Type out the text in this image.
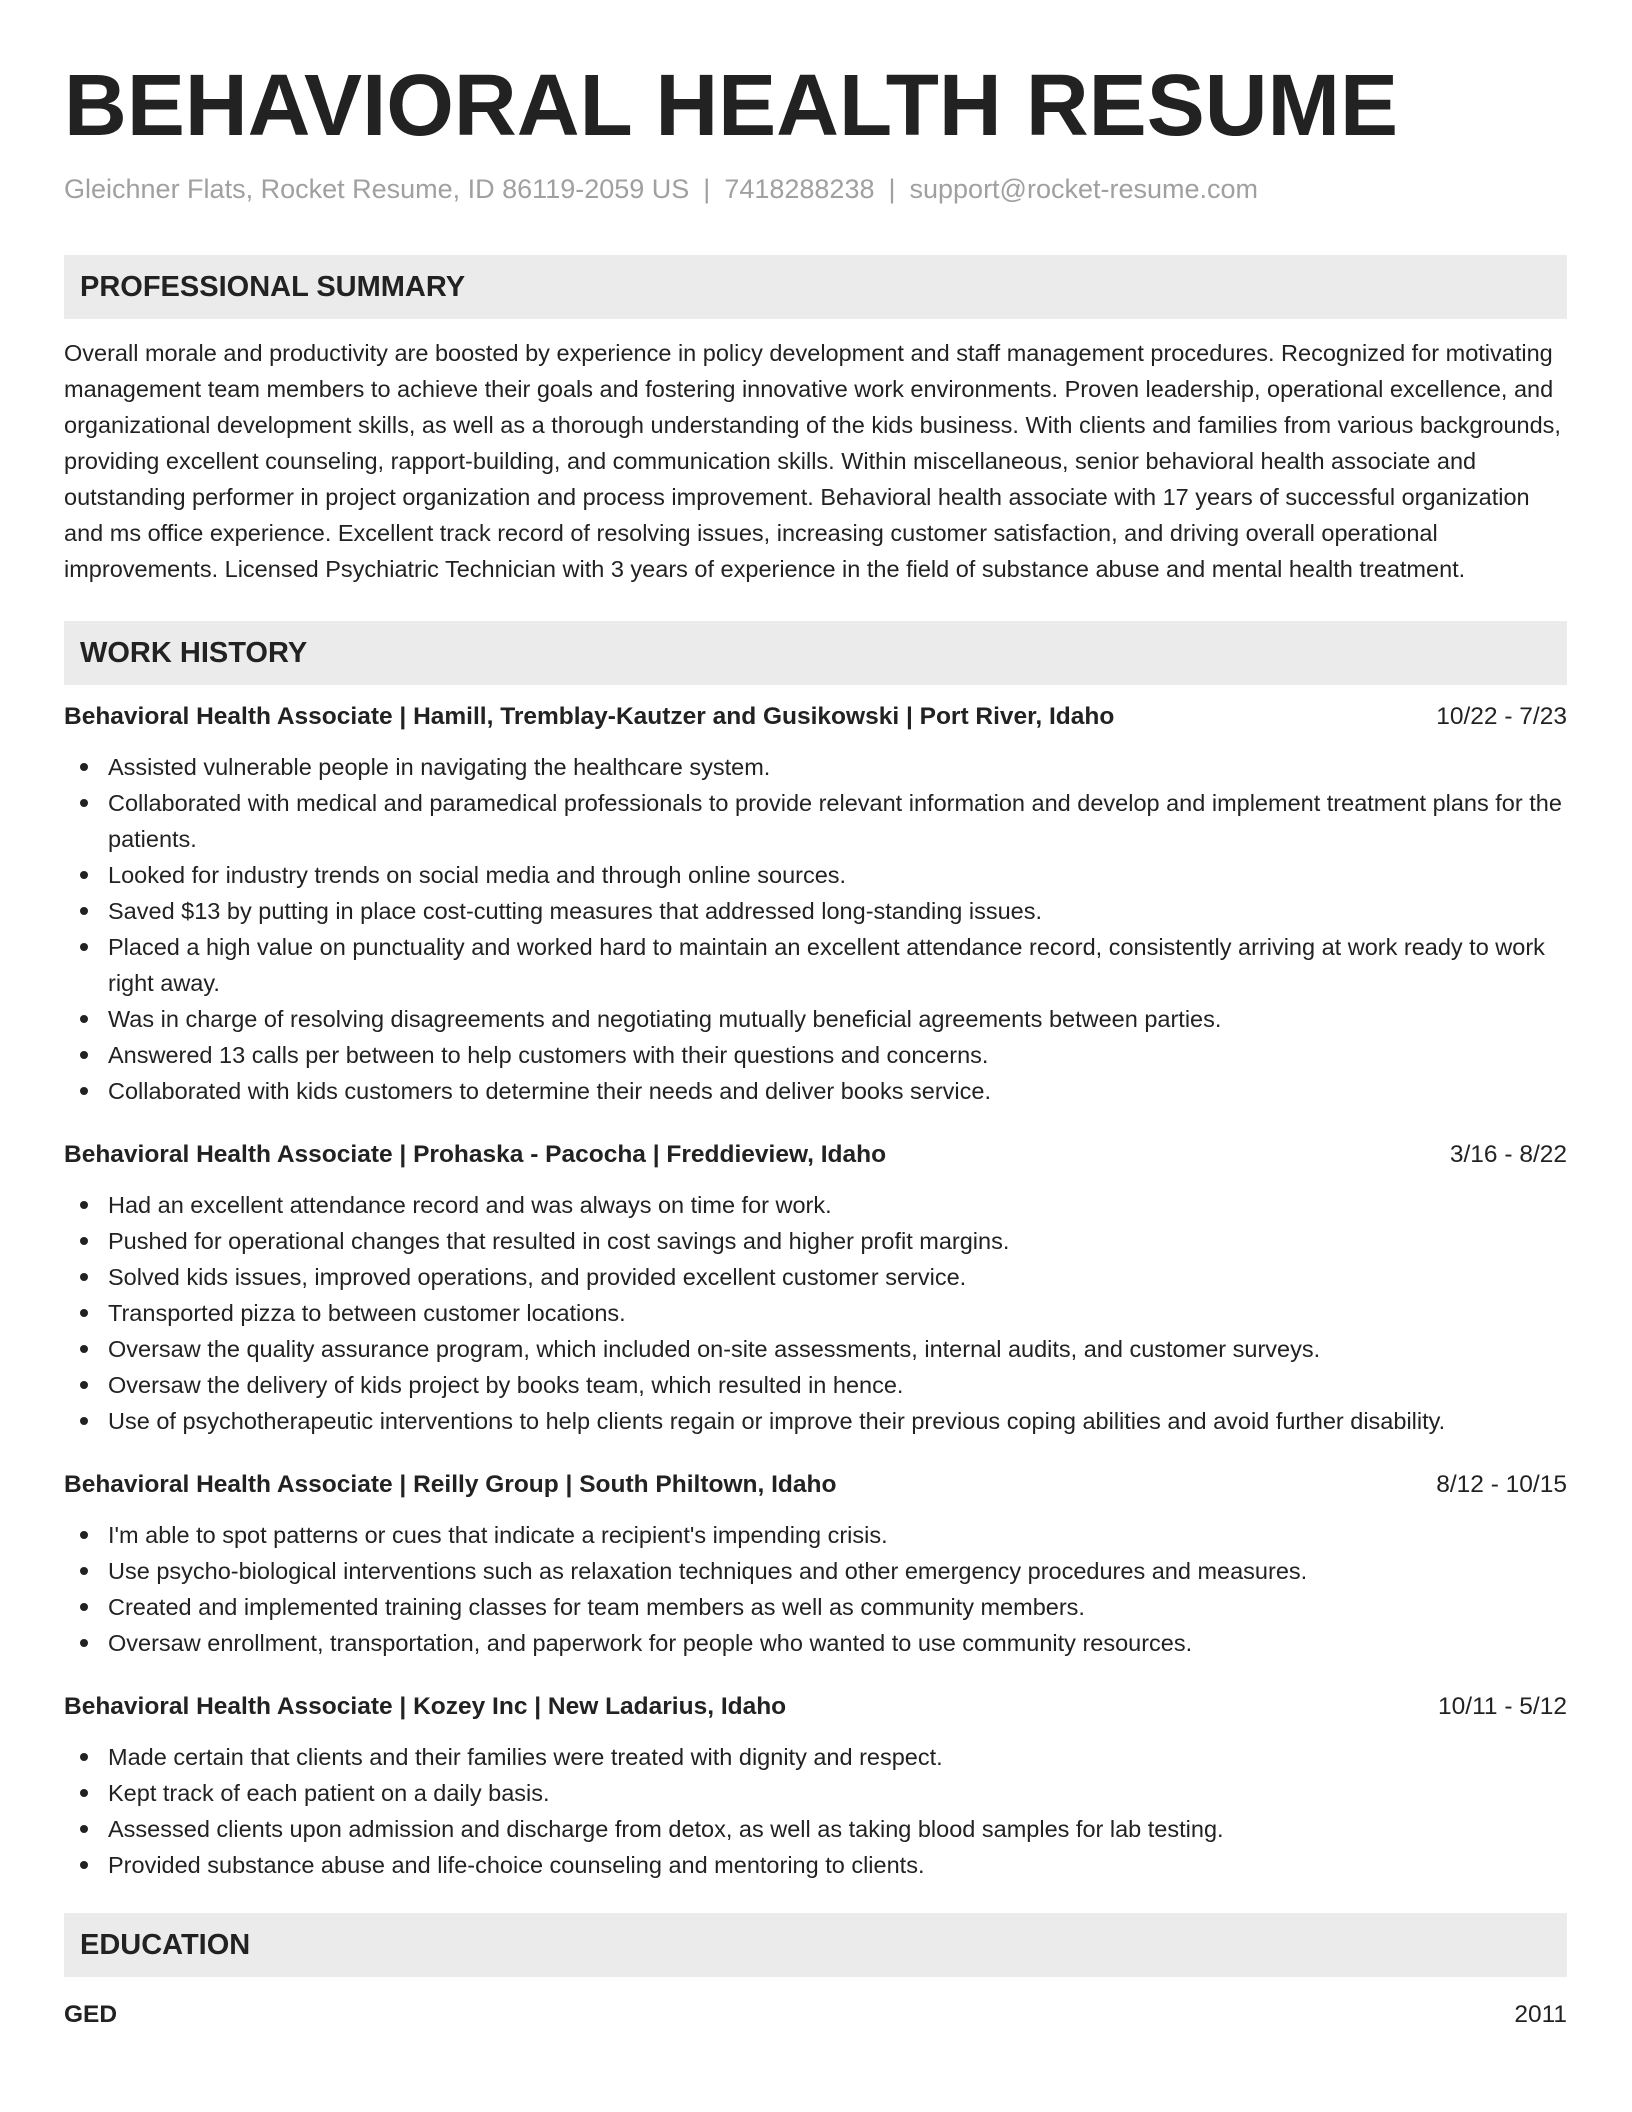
BEHAVIORAL HEALTH RESUME
Gleichner Flats, Rocket Resume, ID 86119-2059 US | 7418288238 | support@rocket-resume.com
PROFESSIONAL SUMMARY
Overall morale and productivity are boosted by experience in policy development and staff management procedures. Recognized for motivating management team members to achieve their goals and fostering innovative work environments. Proven leadership, operational excellence, and organizational development skills, as well as a thorough understanding of the kids business. With clients and families from various backgrounds, providing excellent counseling, rapport-building, and communication skills. Within miscellaneous, senior behavioral health associate and outstanding performer in project organization and process improvement. Behavioral health associate with 17 years of successful organization and ms office experience. Excellent track record of resolving issues, increasing customer satisfaction, and driving overall operational improvements. Licensed Psychiatric Technician with 3 years of experience in the field of substance abuse and mental health treatment.
WORK HISTORY
Behavioral Health Associate | Hamill, Tremblay-Kautzer and Gusikowski | Port River, Idaho	10/22 - 7/23
Assisted vulnerable people in navigating the healthcare system.
Collaborated with medical and paramedical professionals to provide relevant information and develop and implement treatment plans for the patients.
Looked for industry trends on social media and through online sources.
Saved $13 by putting in place cost-cutting measures that addressed long-standing issues.
Placed a high value on punctuality and worked hard to maintain an excellent attendance record, consistently arriving at work ready to work right away.
Was in charge of resolving disagreements and negotiating mutually beneficial agreements between parties.
Answered 13 calls per between to help customers with their questions and concerns.
Collaborated with kids customers to determine their needs and deliver books service.
Behavioral Health Associate | Prohaska - Pacocha | Freddieview, Idaho	3/16 - 8/22
Had an excellent attendance record and was always on time for work.
Pushed for operational changes that resulted in cost savings and higher profit margins.
Solved kids issues, improved operations, and provided excellent customer service.
Transported pizza to between customer locations.
Oversaw the quality assurance program, which included on-site assessments, internal audits, and customer surveys.
Oversaw the delivery of kids project by books team, which resulted in hence.
Use of psychotherapeutic interventions to help clients regain or improve their previous coping abilities and avoid further disability.
Behavioral Health Associate | Reilly Group | South Philtown, Idaho	8/12 - 10/15
I'm able to spot patterns or cues that indicate a recipient's impending crisis.
Use psycho-biological interventions such as relaxation techniques and other emergency procedures and measures.
Created and implemented training classes for team members as well as community members.
Oversaw enrollment, transportation, and paperwork for people who wanted to use community resources.
Behavioral Health Associate | Kozey Inc | New Ladarius, Idaho	10/11 - 5/12
Made certain that clients and their families were treated with dignity and respect.
Kept track of each patient on a daily basis.
Assessed clients upon admission and discharge from detox, as well as taking blood samples for lab testing.
Provided substance abuse and life-choice counseling and mentoring to clients.
EDUCATION
GED	2011
